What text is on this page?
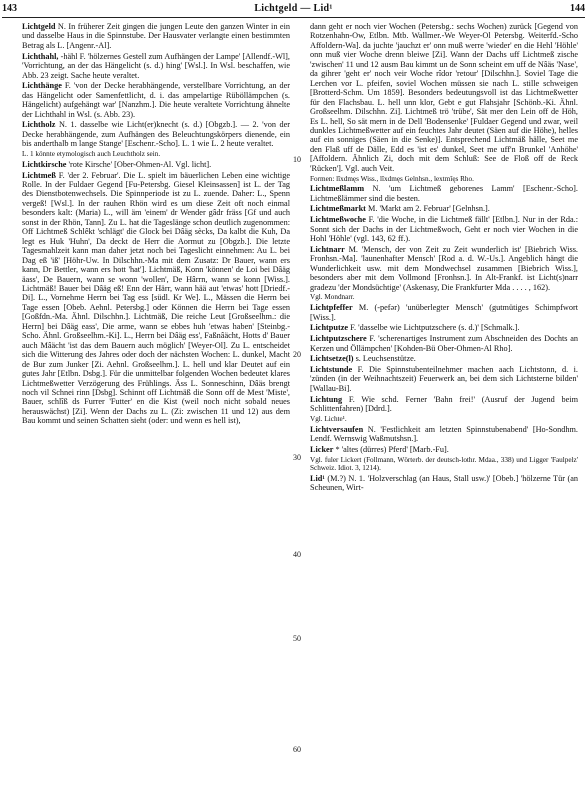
143	Lichtgeld — Lid¹	144
10
20
30
40
50
60

Lichtgeld N. In früherer Zeit gingen die jungen Leute den ganzen Winter in ein und dasselbe Haus in die Spinnstube. Der Hausvater verlangte einen bestimmten Betrag als L. [Angenr.-Al].

Lichthahl, -hähl F. 'hölzernes Gestell zum Aufhängen der Lampe' [Allendf.-Wl], 'Vorrichtung, an der das Hängelicht (s. d.) hing' [Wsl.]. In Wsl. beschaffen, wie Abb. 23 zeigt. Sache heute veraltet.

Lichthänge F. 'von der Decke herabhängende, verstellbare Vorrichtung, an der das Hängelicht oder Samenfettlicht, d. i. das ampelartige Rüböllämpchen (s. Hängelicht) aufgehängt war' [Nanzhm.]. Die heute veraltete Vorrichtung ähnelte der Lichthahl in Wsl. (s. Abb. 23).

Lichtholz N. 1. dasselbe wie Licht(er)knecht (s. d.) [Obgzb.]. — 2. 'von der Decke herabhängende, zum Aufhängen des Beleuchtungskörpers dienende, ein bis anderthalb m lange Stange' [Eschenr.-Scho]. L. 1 wie L. 2 heute veraltet.

L. 1 könnte etymologisch auch Leuchtholz sein.

Lichtkirsche 'rote Kirsche' [Ober-Ohmen-Al. Vgl. licht].

Lichtmeß F. 'der 2. Februar'. Die L. spielt im bäuerlichen Leben eine wichtige Rolle. In der Fuldaer Gegend [Fu-Petersbg. Giesel Kleinsassen] ist L. der Tag des Dienstbotenwechsels. Die Spinnperiode ist zu L. zuende. Daher: L., Spenn vergeß! [Wsl.]. In der rauhen Rhön wird es um diese Zeit oft noch einmal besonders kalt: (Maria) L., will äm 'einem' dr Wender gâdr fräss [Gf und auch sonst in der Rhön, Tann]. Zu L. hat die Tageslänge schon deutlich zugenommen: Off Lichtmeß Schlêkt 'schlägt' die Glock bei Dâäg sècks, Da kalbt die Kuh, Da legt es Huk 'Huhn', Da deckt de Herr die Aormut zu [Obgzb.]. Die letzte Tagesmahlzeit kann man daher jetzt noch bei Tageslicht einnehmen: Au L. bei Dag eß 'iß' [Höhr-Uw. In Dilschhn.-Ma mit dem Zusatz: Dr Bauer, wann ers kann, Dr Bettler, wann ers hott 'hat']. Lichtmäß, Konn 'können' de Loi bei Dâäg äass', De Bauern, wann se wonn 'wollen', De Hârrn, wann se konn [Wiss.]. Lichtmäß! Bauer bei Dâäg eß! Enn der Härr, wann hää aut 'etwas' hott [Driedf.-Di]. L., Vornehme Herrn bei Tag ess [südl. Kr We]. L., Mässen die Herrn bei Tage essen [Obeb. Aehnl. Petersbg.] oder Können die Herrn bei Tage essen [Goßfdn.-Ma. Ähnl. Dilschhn.]. Lichtmäß, Die reiche Leut [Großseelhm.: die Herrn] bei Dâäg eass', Die arme, wann se ebbes huh 'etwas haben' [Steinbg.-Scho. Ähnl. Großseelhm.-Ki]. L., Herrn bei Dâäg ess', Faßnâächt, Hotts d' Bauer auch Mâächt 'ist das dem Bauern auch möglich' [Weyer-Ol]. Zu L. entscheidet sich die Witterung des Jahres oder doch der nächsten Wochen: L. dunkel, Macht de Bur zum Junker [Zi. Aehnl. Großseelhm.]. L. hell und klar Deutet auf ein gutes Jahr [Etlbn. Dsbg.]. Für die unmittelbar folgenden Wochen bedeutet klares Lichtmeßwetter Verzögerung des Frühlings. Äss L. Sonneschinn, Dâäs brengt noch vil Schnei rinn [Dsbg]. Schinnt off Lichtmäß die Sonn off de Mest 'Miste', Bauer, schlîß ds Furrer 'Futter' en die Kist (weil noch nicht sobald neues herauswächst) [Zi]. Wenn der Dachs zu L. (Zi: zwischen 11 und 12) aus dem Bau kommt und seinen Schatten sieht (oder: und wenn es hell ist),

dann geht er noch vier Wochen (Petersbg.: sechs Wochen) zurück [Gegend von Rotzenhahn-Ow, Etlbn. Mtb. Wallmer.-We Weyer-Ol Petersbg. Weiterfd.-Scho Affoldern-Wa]. da juchte 'jauchzt er' onn muß werre 'wieder' en die Hehl 'Höhle' onn muß vier Woche drenn bleiwe [Zi]. Wann der Dachs uff Lichtmeß zische 'zwischen' 11 und 12 ausm Bau kimmt un de Sonn scheint em uff de Nâäs 'Nase', da gihrer 'geht er' noch veir Woche rîdor 'retour' [Dilschhn.]. Soviel Tage die Lerchen vor L. pfeifen, soviel Wochen müssen sie nach L. stille schweigen [Brotterd-Schm. Um 1859]. Besonders bedeutungsvoll ist das Lichtmeßwetter für den Flachsbau. L. hell unn klor, Gebt e gut Flahsjahr [Schönb.-Ki. Ähnl. Großseelhm. Dilschhn. Zi]. Lichtmeß trö 'trübe', Sät mer den Lein off de Höh, Es L. hell, So sät mern in de Dell 'Bodensenke' [Fuldaer Gegend und zwar, weil dunkles Lichtmeßwetter auf ein feuchtes Jahr deutet (Säen auf die Höhe), helles auf ein sonniges (Säen in die Senke)]. Entsprechend Lichtmäß hälle, Seet me den Flaß uff de Dälle, Edd es 'ist es' dunkel, Seet me uff'n Brunkel 'Anhöhe' [Affoldern. Ähnlich Zi, doch mit dem Schluß: See de Floß off de Reck 'Rücken']. Vgl. auch Veit.

Formen: lîxdmęs Wiss., lîxdmęs Gelnhsn., lextmîęs Rho.

Lichtmeßlamm N. 'um Lichtmeß geborenes Lamm' [Eschenr.-Scho]. Lichtmeßlämmer sind die besten.

Lichtmeßmarkt M. 'Markt am 2. Februar' [Gelnhsn.].

Lichtmeßwoche F. 'die Woche, in die Lichtmeß fällt' [Etlbn.]. Nur in der Rda.: Sonnt sich der Dachs in der Lichtmeßwoch, Geht er noch vier Wochen in die Hohl 'Höhle' (vgl. 143, 62 ff.).

Lichtnarr M. 'Mensch, der von Zeit zu Zeit wunderlich ist' [Biebrich Wiss. Fronhsn.-Ma]. 'launenhafter Mensch' [Rod a. d. W.-Us.]. Angeblich hängt die Wunderlichkeit usw. mit dem Mondwechsel zusammen [Biebrich Wiss.], besonders aber mit dem Vollmond [Fronhsn.]. In Alt-Frankf. ist Licht(s)narr gradezu 'der Mondsüchtige' (Askenasy, Die Frankfurter Mda . . . . , 162).

Vgl. Mondnarr.

Lichtpfeffer M. (-pefər) 'unüberlegter Mensch' (gutmütiges Schimpfwort [Wiss.].

Lichtputze F. 'dasselbe wie Lichtputzschere (s. d.)' [Schmalk.].

Lichtputzschere F. 'scherenartiges Instrument zum Abschneiden des Dochts an Kerzen und Öllämpchen' [Kohden-Bü Ober-Ohmen-Al Rho].

Lichtsetze(l) s. Leuchsenstütze.

Lichtstunde F. Die Spinnstubenteilnehmer machen aach Lichtstonn, d. i. 'zünden (in der Weihnachtszeit) Feuerwerk an, bei dem sich Lichtsterne bilden' [Wallau-Bi].

Lichtung F. Wie schd. Ferner 'Bahn frei!' (Ausruf der Jugend beim Schlittenfahren) [Ddrd.].

Vgl. Lichte¹.

Lichtversaufen N. 'Festlichkeit am letzten Spinnstubenabend' [Ho-Sondhm. Lendf. Wernswig Waßmutshsn.].

Licker * 'altes (dürres) Pferd' [Marb.-Fu].

Vgl. fuler Lickert (Follmann, Wörterb. der deutsch-lothr. Mdaa., 338) und Ligger 'Faulpelz' Schweiz. Idiot. 3, 1214).

Lid¹ (M.?) N. 1. 'Holzverschlag (an Haus, Stall usw.)' [Obeb.] 'hölzerne Tür (an Scheunen, Wirt-
